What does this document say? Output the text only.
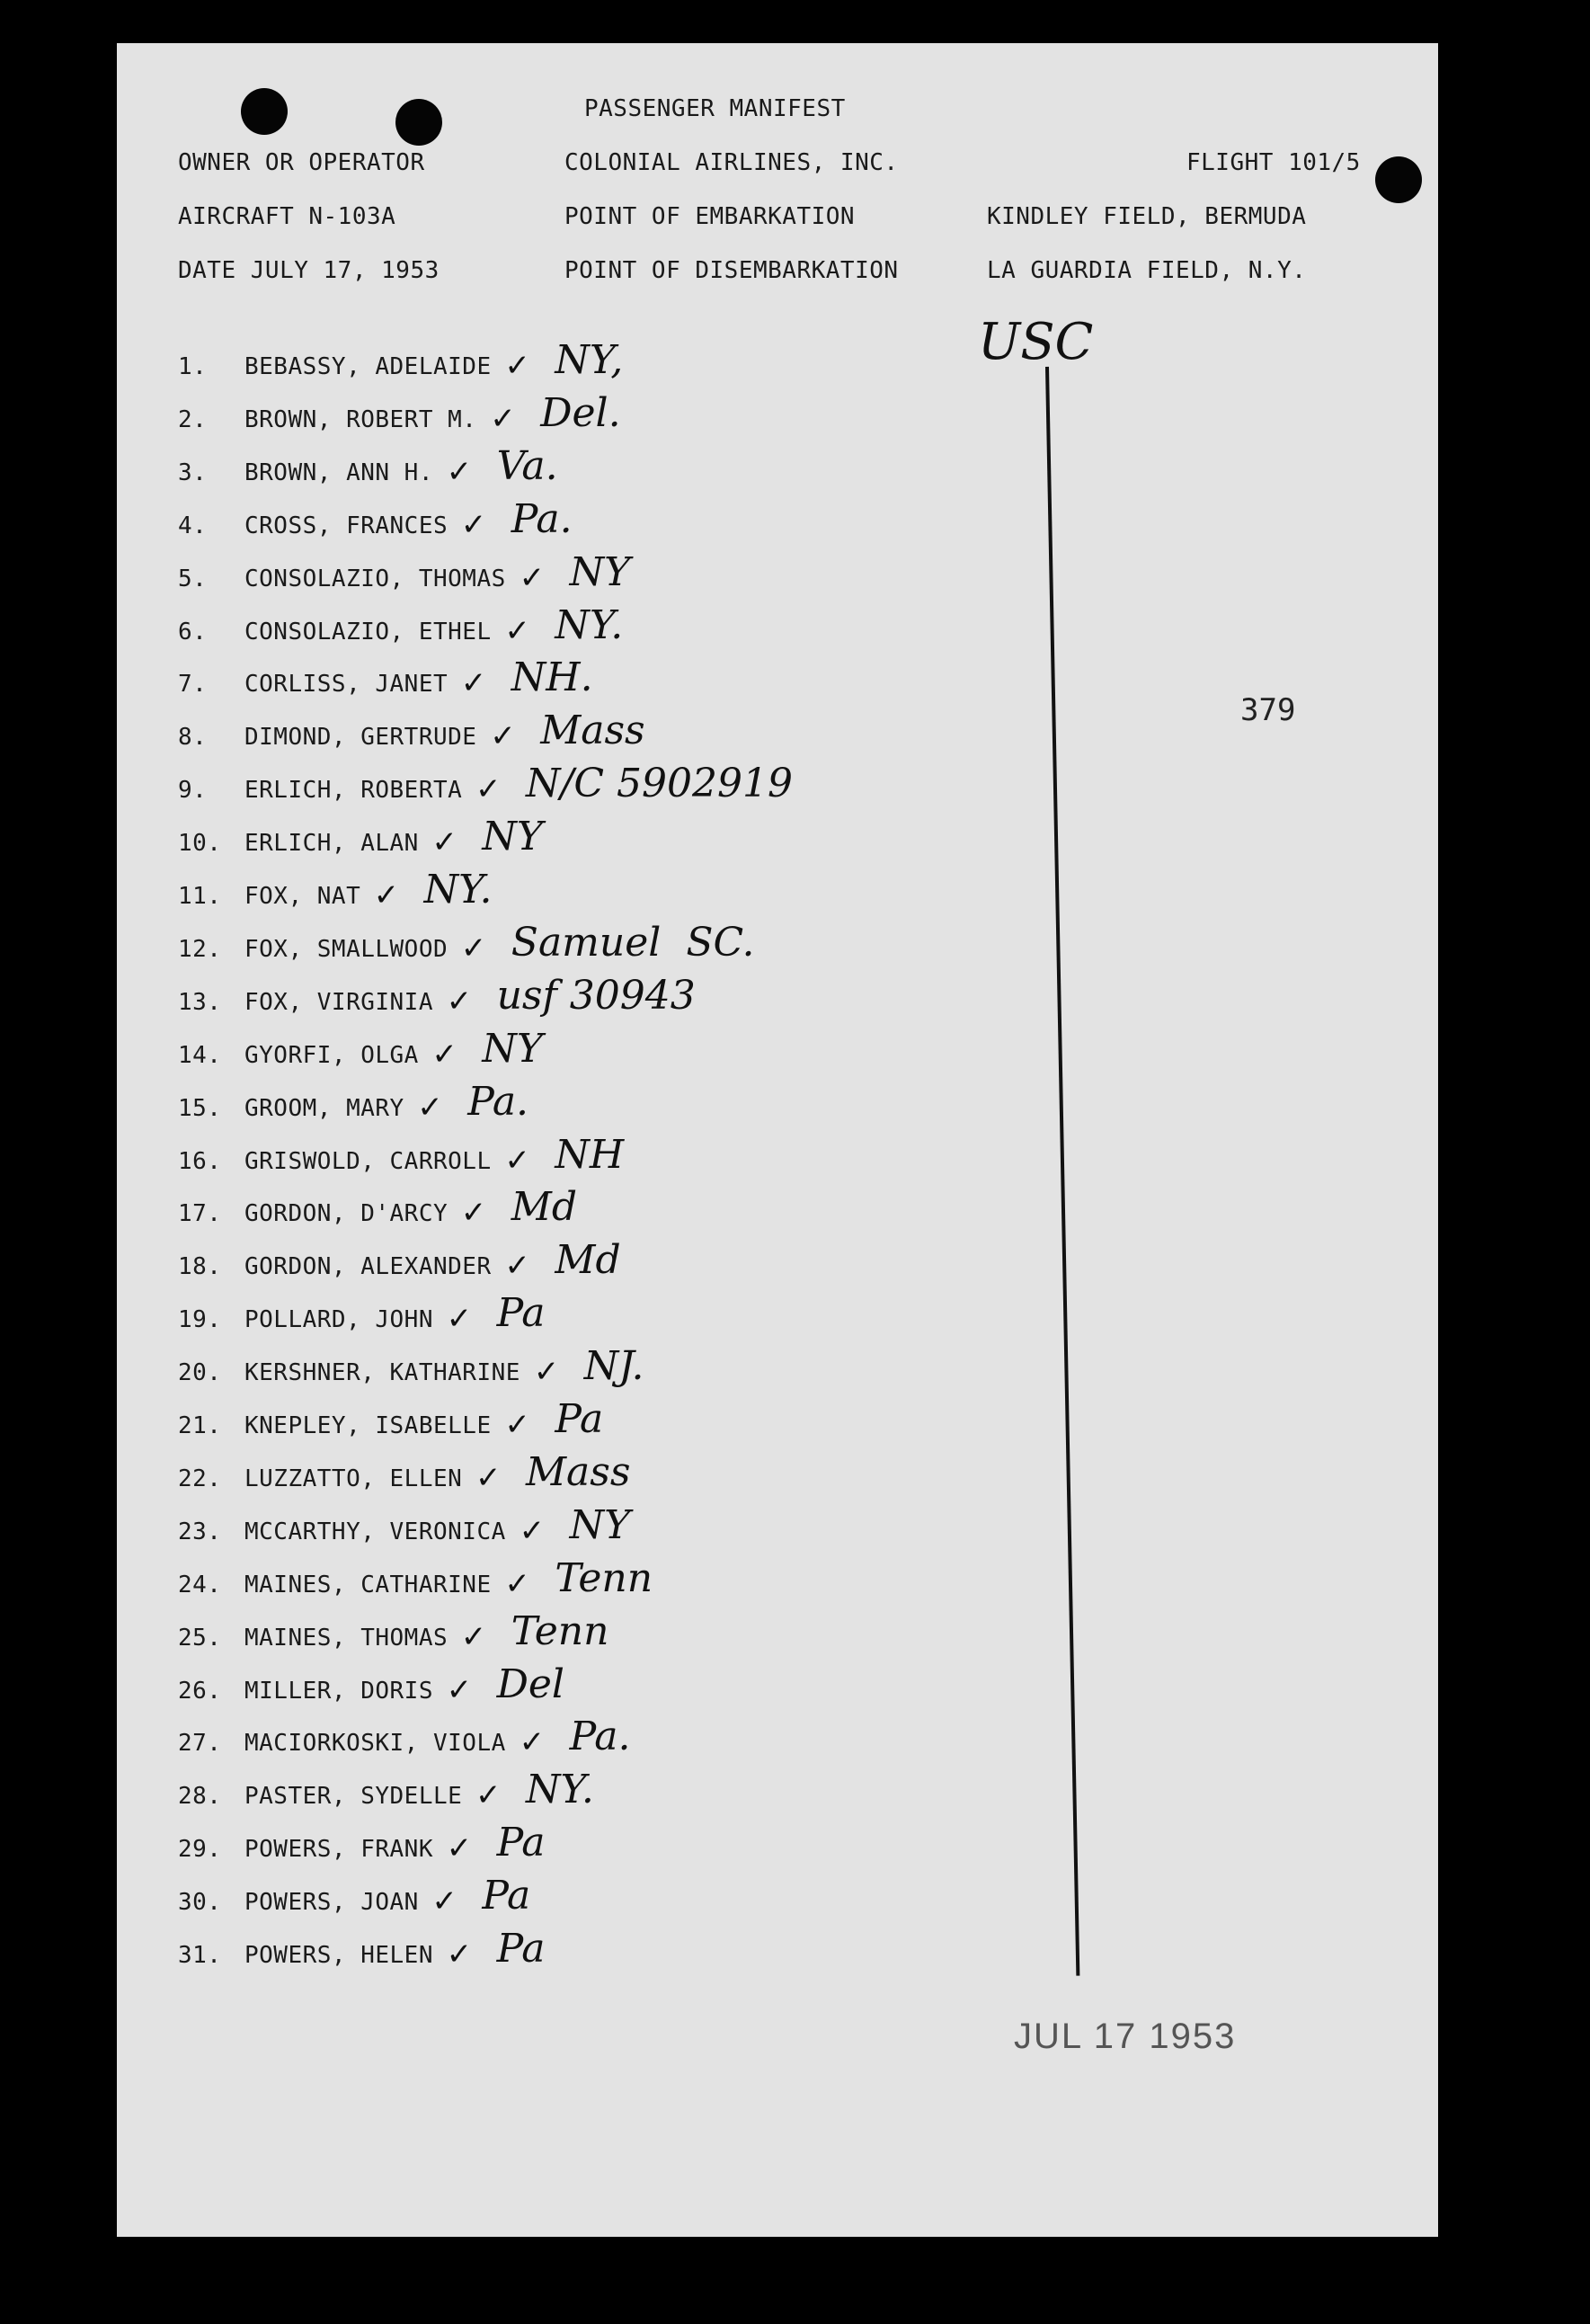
PASSENGER MANIFEST
OWNER OR OPERATOR	COLONIAL AIRLINES, INC.	FLIGHT 101/5
AIRCRAFT N-103A	POINT OF EMBARKATION	KINDLEY FIELD, BERMUDA
DATE JULY 17, 1953	POINT OF DISEMBARKATION	LA GUARDIA FIELD, N.Y.
USC
379
1. BEBASSY, ADELAIDE ✓ NY,
2. BROWN, ROBERT M. ✓ Del.
3. BROWN, ANN H. ✓ Va.
4. CROSS, FRANCES ✓ Pa.
5. CONSOLAZIO, THOMAS ✓ NY
6. CONSOLAZIO, ETHEL ✓ NY.
7. CORLISS, JANET ✓ NH.
8. DIMOND, GERTRUDE ✓ Mass
9. ERLICH, ROBERTA ✓ N/C 5902919
10. ERLICH, ALAN ✓ NY
11. FOX, NAT ✓ NY.
12. FOX, SMALLWOOD ✓ Samuel  SC.
13. FOX, VIRGINIA ✓ usf 30943
14. GYORFI, OLGA ✓ NY
15. GROOM, MARY ✓ Pa.
16. GRISWOLD, CARROLL ✓ NH
17. GORDON, D'ARCY ✓ Md
18. GORDON, ALEXANDER ✓ Md
19. POLLARD, JOHN ✓ Pa
20. KERSHNER, KATHARINE ✓ NJ.
21. KNEPLEY, ISABELLE ✓ Pa
22. LUZZATTO, ELLEN ✓ Mass
23. MCCARTHY, VERONICA ✓ NY
24. MAINES, CATHARINE ✓ Tenn
25. MAINES, THOMAS ✓ Tenn
26. MILLER, DORIS ✓ Del
27. MACIORKOSKI, VIOLA ✓ Pa.
28. PASTER, SYDELLE ✓ NY.
29. POWERS, FRANK ✓ Pa
30. POWERS, JOAN ✓ Pa
31. POWERS, HELEN ✓ Pa
JUL 17 1953
